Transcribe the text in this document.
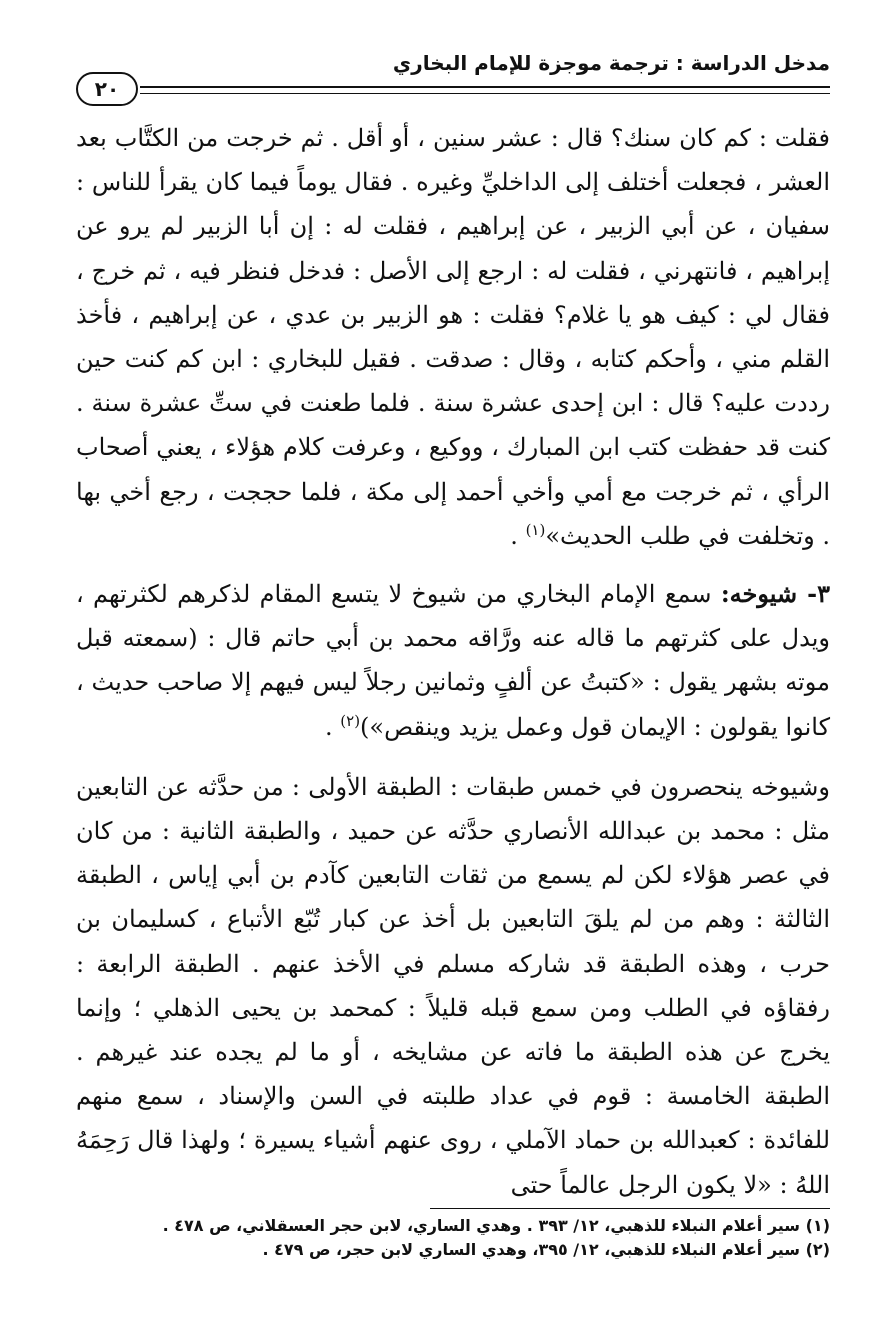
مدخل الدراسة : ترجمة موجزة للإمام البخاري
٢٠

فقلت : كم كان سنك؟ قال : عشر سنين ، أو أقل . ثم خرجت من الكتَّاب بعد العشر ، فجعلت أختلف إلى الداخليِّ وغيره . فقال يوماً فيما كان يقرأ للناس : سفيان ، عن أبي الزبير ، عن إبراهيم ، فقلت له : إن أبا الزبير لم يرو عن إبراهيم ، فانتهرني ، فقلت له : ارجع إلى الأصل : فدخل فنظر فيه ، ثم خرج ، فقال لي : كيف هو يا غلام؟ فقلت : هو الزبير بن عدي ، عن إبراهيم ، فأخذ القلم مني ، وأحكم كتابه ، وقال : صدقت . فقيل للبخاري : ابن كم كنت حين رددت عليه؟ قال : ابن إحدى عشرة سنة . فلما طعنت في ستِّ عشرة سنة . كنت قد حفظت كتب ابن المبارك ، ووكيع ، وعرفت كلام هؤلاء ، يعني أصحاب الرأي ، ثم خرجت مع أمي وأخي أحمد إلى مكة ، فلما حججت ، رجع أخي بها . وتخلفت في طلب الحديث»$^{(١)}$ .

٣- شيوخه: سمع الإمام البخاري من شيوخ لا يتسع المقام لذكرهم لكثرتهم ، ويدل على كثرتهم ما قاله عنه ورَّاقه محمد بن أبي حاتم قال : (سمعته قبل موته بشهر يقول : «كتبتُ عن ألفٍ وثمانين رجلاً ليس فيهم إلا صاحب حديث ، كانوا يقولون : الإيمان قول وعمل يزيد وينقص»)$^{(٢)}$ .

وشيوخه ينحصرون في خمس طبقات : الطبقة الأولى : من حدَّثه عن التابعين مثل : محمد بن عبدالله الأنصاري حدَّثه عن حميد ، والطبقة الثانية : من كان في عصر هؤلاء لكن لم يسمع من ثقات التابعين كآدم بن أبي إياس ، الطبقة الثالثة : وهم من لم يلقَ التابعين بل أخذ عن كبار تُبّع الأتباع ، كسليمان بن حرب ، وهذه الطبقة قد شاركه مسلم في الأخذ عنهم . الطبقة الرابعة : رفقاؤه في الطلب ومن سمع قبله قليلاً : كمحمد بن يحيى الذهلي ؛ وإنما يخرج عن هذه الطبقة ما فاته عن مشايخه ، أو ما لم يجده عند غيرهم . الطبقة الخامسة : قوم في عداد طلبته في السن والإسناد ، سمع منهم للفائدة : كعبدالله بن حماد الآملي ، روى عنهم أشياء يسيرة ؛ ولهذا قال رَحِمَهُ اللهُ : «لا يكون الرجل عالماً حتى

(١) سير أعلام النبلاء للذهبي، ١٢/ ٣٩٣ . وهدي الساري، لابن حجر العسقلاني، ص ٤٧٨ .

(٢) سير أعلام النبلاء للذهبي، ١٢/ ٣٩٥، وهدي الساري لابن حجر، ص ٤٧٩ .
